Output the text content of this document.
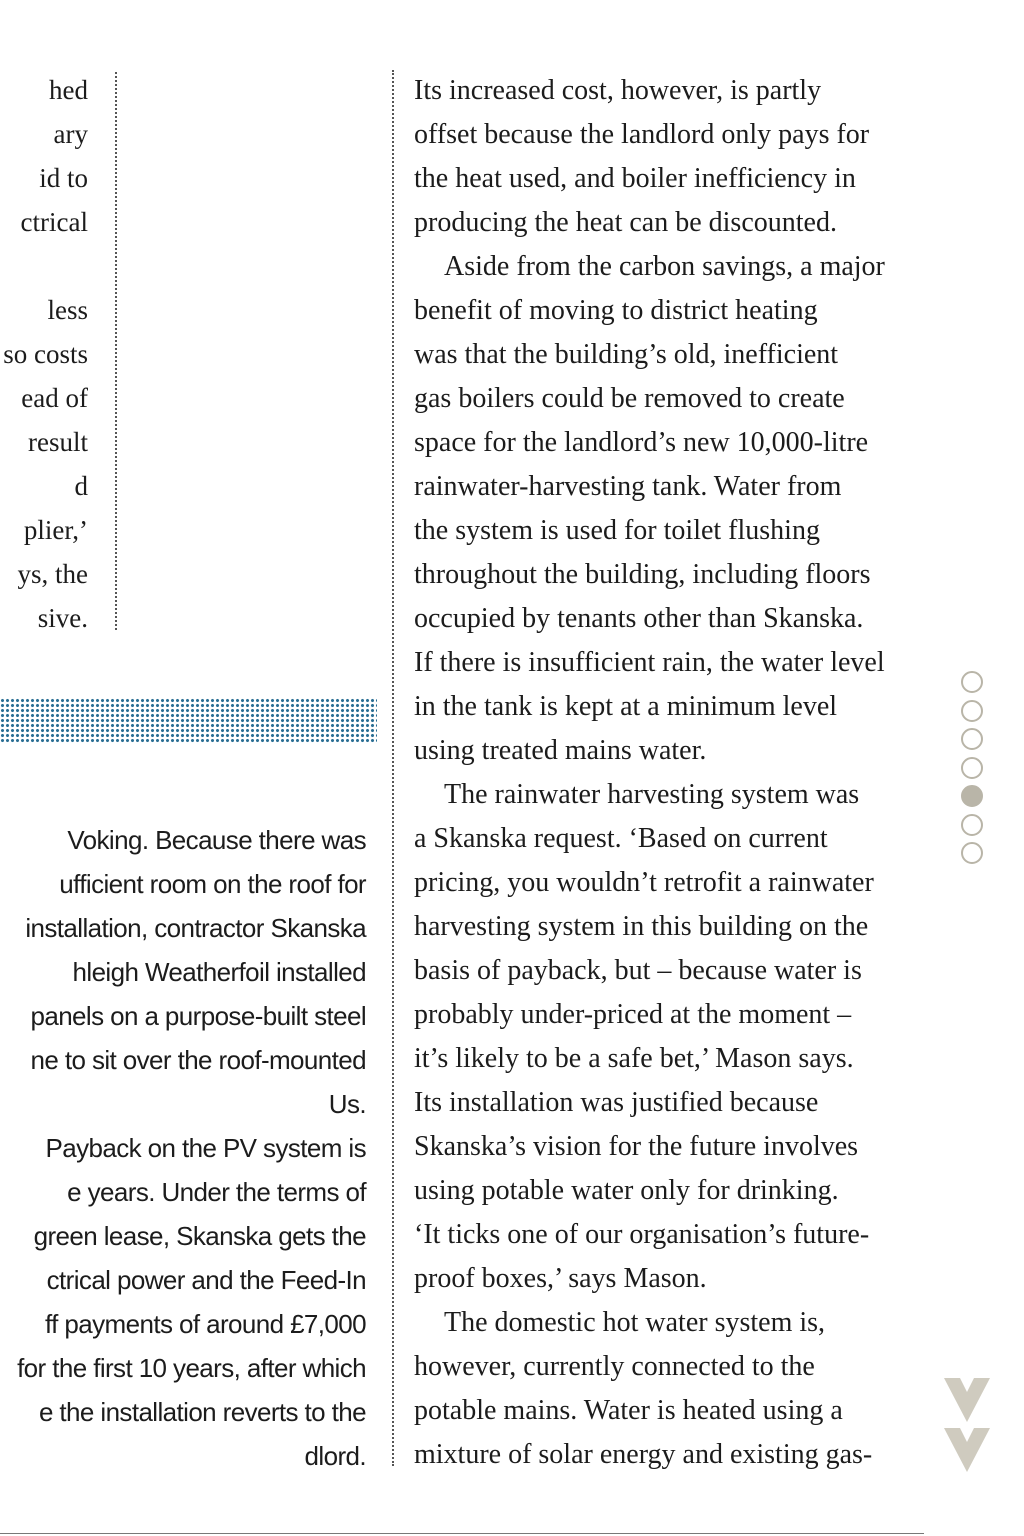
hed
ary
id to
ctrical
less
so costs
ead of
result
d
plier,’
ys, the
sive.
Voking. Because there was
ufficient room on the roof for
installation, contractor Skanska
hleigh Weatherfoil installed
panels on a purpose-built steel
ne to sit over the roof-mounted
Us.
Payback on the PV system is
e years. Under the terms of
green lease, Skanska gets the
ctrical power and the Feed-In
ff payments of around £7,000
for the first 10 years, after which
e the installation reverts to the
dlord.
Its increased cost, however, is partly
offset because the landlord only pays for
the heat used, and boiler inefficiency in
producing the heat can be discounted.
Aside from the carbon savings, a major
benefit of moving to district heating
was that the building’s old, inefficient
gas boilers could be removed to create
space for the landlord’s new 10,000-litre
rainwater-harvesting tank. Water from
the system is used for toilet flushing
throughout the building, including floors
occupied by tenants other than Skanska.
If there is insufficient rain, the water level
in the tank is kept at a minimum level
using treated mains water.
The rainwater harvesting system was
a Skanska request. ‘Based on current
pricing, you wouldn’t retrofit a rainwater
harvesting system in this building on the
basis of payback, but – because water is
probably under-priced at the moment –
it’s likely to be a safe bet,’ Mason says.
Its installation was justified because
Skanska’s vision for the future involves
using potable water only for drinking.
‘It ticks one of our organisation’s future-
proof boxes,’ says Mason.
The domestic hot water system is,
however, currently connected to the
potable mains. Water is heated using a
mixture of solar energy and existing gas-
